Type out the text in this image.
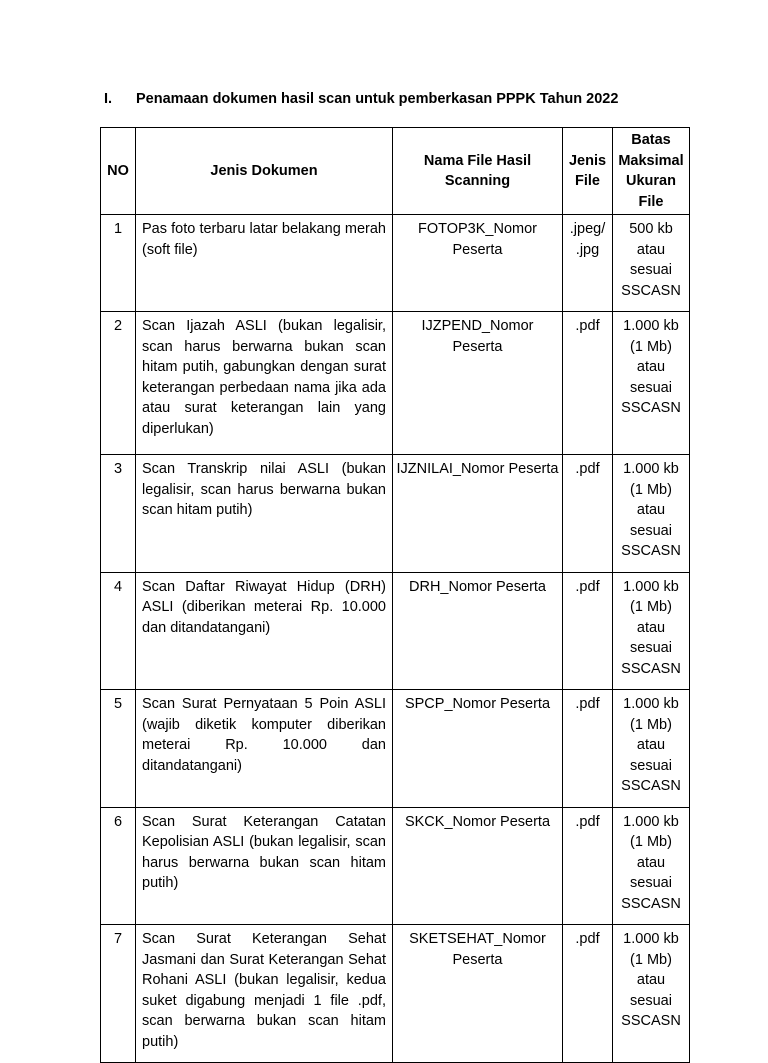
I. Penamaan dokumen hasil scan untuk pemberkasan PPPK Tahun 2022
NO	Jenis Dokumen	Nama File Hasil Scanning	Jenis File	Batas Maksimal Ukuran File
1	Pas foto terbaru latar belakang merah (soft file)	FOTOP3K_Nomor Peserta	.jpeg/ .jpg	500 kb atau sesuai SSCASN
2	Scan Ijazah ASLI (bukan legalisir, scan harus berwarna bukan scan hitam putih, gabungkan dengan surat keterangan perbedaan nama jika ada atau surat keterangan lain yang diperlukan)	IJZPEND_Nomor Peserta	.pdf	1.000 kb (1 Mb) atau sesuai SSCASN
3	Scan Transkrip nilai ASLI (bukan legalisir, scan harus berwarna bukan scan hitam putih)	IJZNILAI_Nomor Peserta	.pdf	1.000 kb (1 Mb) atau sesuai SSCASN
4	Scan Daftar Riwayat Hidup (DRH) ASLI (diberikan meterai Rp. 10.000 dan ditandatangani)	DRH_Nomor Peserta	.pdf	1.000 kb (1 Mb) atau sesuai SSCASN
5	Scan Surat Pernyataan 5 Poin ASLI (wajib diketik komputer diberikan meterai Rp. 10.000 dan ditandatangani)	SPCP_Nomor Peserta	.pdf	1.000 kb (1 Mb) atau sesuai SSCASN
6	Scan Surat Keterangan Catatan Kepolisian ASLI (bukan legalisir, scan harus berwarna bukan scan hitam putih)	SKCK_Nomor Peserta	.pdf	1.000 kb (1 Mb) atau sesuai SSCASN
7	Scan Surat Keterangan Sehat Jasmani dan Surat Keterangan Sehat Rohani ASLI (bukan legalisir, kedua suket digabung menjadi 1 file .pdf, scan berwarna bukan scan hitam putih)	SKETSEHAT_Nomor Peserta	.pdf	1.000 kb (1 Mb) atau sesuai SSCASN
